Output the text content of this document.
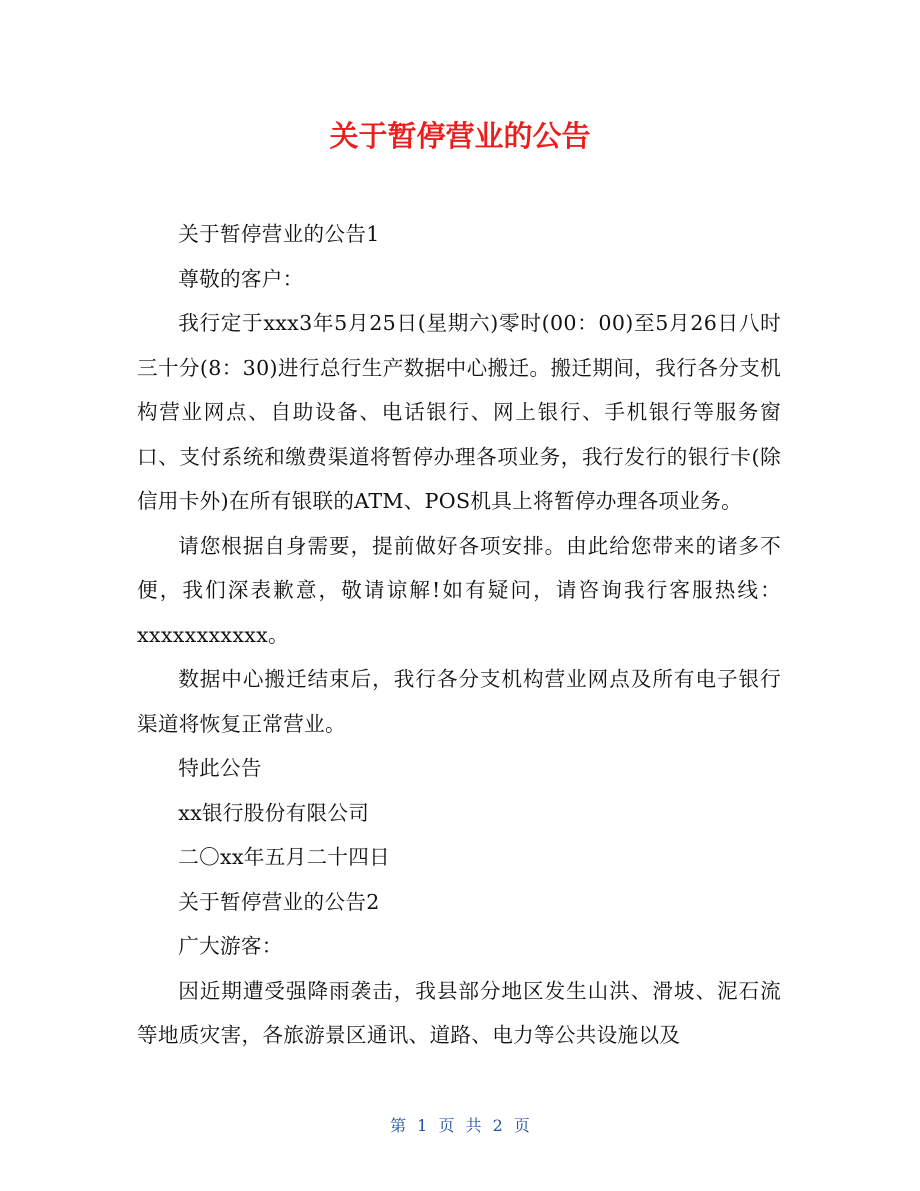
关于暂停营业的公告

关于暂停营业的公告1

尊敬的客户：

我行定于xxx3年5月25日(星期六)零时(00：00)至5月26日八时三十分(8：30)进行总行生产数据中心搬迁。搬迁期间，我行各分支机构营业网点、自助设备、电话银行、网上银行、手机银行等服务窗口、支付系统和缴费渠道将暂停办理各项业务，我行发行的银行卡(除信用卡外)在所有银联的ATM、POS机具上将暂停办理各项业务。

请您根据自身需要，提前做好各项安排。由此给您带来的诸多不便，我们深表歉意，敬请谅解!如有疑问，请咨询我行客服热线：xxxxxxxxxxx。

数据中心搬迁结束后，我行各分支机构营业网点及所有电子银行渠道将恢复正常营业。

特此公告

xx银行股份有限公司

二〇xx年五月二十四日

关于暂停营业的公告2

广大游客：

因近期遭受强降雨袭击，我县部分地区发生山洪、滑坡、泥石流等地质灾害，各旅游景区通讯、道路、电力等公共设施以及

第 1 页 共 2 页
